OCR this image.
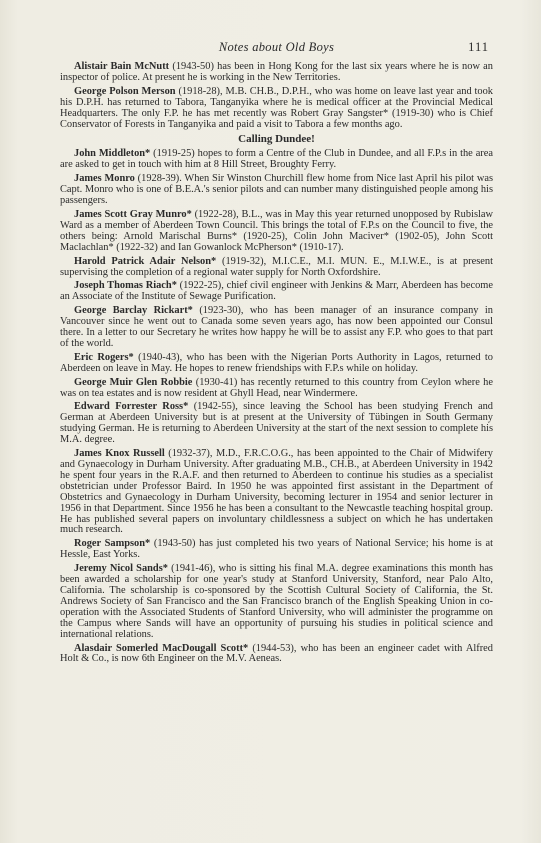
Notes about Old Boys	111

Alistair Bain McNutt (1943-50) has been in Hong Kong for the last six years where he is now an inspector of police. At present he is working in the New Territories.

George Polson Merson (1918-28), M.B. CH.B., D.P.H., who was home on leave last year and took his D.P.H. has returned to Tabora, Tanganyika where he is medical officer at the Provincial Medical Headquarters. The only F.P. he has met recently was Robert Gray Sangster* (1919-30) who is Chief Conservator of Forests in Tanganyika and paid a visit to Tabora a few months ago.

Calling Dundee!

John Middleton* (1919-25) hopes to form a Centre of the Club in Dundee, and all F.P.s in the area are asked to get in touch with him at 8 Hill Street, Broughty Ferry.

James Monro (1928-39). When Sir Winston Churchill flew home from Nice last April his pilot was Capt. Monro who is one of B.E.A.'s senior pilots and can number many distinguished people among his passengers.

James Scott Gray Munro* (1922-28), B.L., was in May this year returned unopposed by Rubislaw Ward as a member of Aberdeen Town Council. This brings the total of F.P.s on the Council to five, the others being: Arnold Marischal Burns* (1920-25), Colin John Maciver* (1902-05), John Scott Maclachlan* (1922-32) and Ian Gowanlock McPherson* (1910-17).

Harold Patrick Adair Nelson* (1919-32), M.I.C.E., M.I. MUN. E., M.I.W.E., is at present supervising the completion of a regional water supply for North Oxfordshire.

Joseph Thomas Riach* (1922-25), chief civil engineer with Jenkins & Marr, Aberdeen has become an Associate of the Institute of Sewage Purification.

George Barclay Rickart* (1923-30), who has been manager of an insurance company in Vancouver since he went out to Canada some seven years ago, has now been appointed our Consul there. In a letter to our Secretary he writes how happy he will be to assist any F.P. who goes to that part of the world.

Eric Rogers* (1940-43), who has been with the Nigerian Ports Authority in Lagos, returned to Aberdeen on leave in May. He hopes to renew friendships with F.P.s while on holiday.

George Muir Glen Robbie (1930-41) has recently returned to this country from Ceylon where he was on tea estates and is now resident at Ghyll Head, near Windermere.

Edward Forrester Ross* (1942-55), since leaving the School has been studying French and German at Aberdeen University but is at present at the University of Tübingen in South Germany studying German. He is returning to Aberdeen University at the start of the next session to complete his M.A. degree.

James Knox Russell (1932-37), M.D., F.R.C.O.G., has been appointed to the Chair of Midwifery and Gynaecology in Durham University. After graduating M.B., CH.B., at Aberdeen University in 1942 he spent four years in the R.A.F. and then returned to Aberdeen to continue his studies as a specialist obstetrician under Professor Baird. In 1950 he was appointed first assistant in the Department of Obstetrics and Gynaecology in Durham University, becoming lecturer in 1954 and senior lecturer in 1956 in that Department. Since 1956 he has been a consultant to the Newcastle teaching hospital group. He has published several papers on involuntary childlessness a subject on which he has undertaken much research.

Roger Sampson* (1943-50) has just completed his two years of National Service; his home is at Hessle, East Yorks.

Jeremy Nicol Sands* (1941-46), who is sitting his final M.A. degree examinations this month has been awarded a scholarship for one year's study at Stanford University, Stanford, near Palo Alto, California. The scholarship is co-sponsored by the Scottish Cultural Society of California, the St. Andrews Society of San Francisco and the San Francisco branch of the English Speaking Union in co-operation with the Associated Students of Stanford University, who will administer the programme on the Campus where Sands will have an opportunity of pursuing his studies in political science and international relations.

Alasdair Somerled MacDougall Scott* (1944-53), who has been an engineer cadet with Alfred Holt & Co., is now 6th Engineer on the M.V. Aeneas.
